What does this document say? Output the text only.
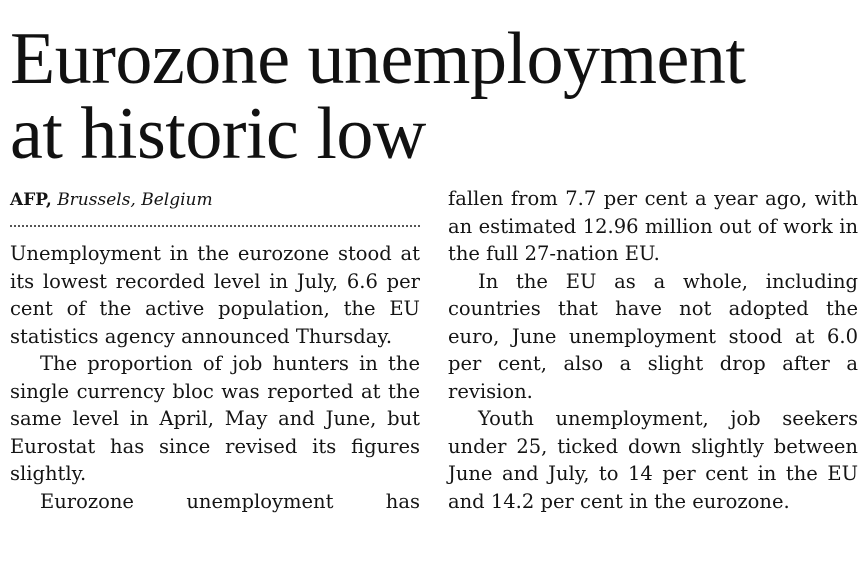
Eurozone unemployment
at historic low
AFP, Brussels, Belgium

Unemployment in the eurozone stood at its lowest recorded level in July, 6.6 per cent of the active population, the EU statistics agency announced Thursday.

The proportion of job hunters in the single currency bloc was reported at the same level in April, May and June, but Eurostat has since revised its figures slightly.

Eurozone unemployment has

fallen from 7.7 per cent a year ago, with an estimated 12.96 million out of work in the full 27-nation EU.

In the EU as a whole, including countries that have not adopted the euro, June unemployment stood at 6.0 per cent, also a slight drop after a revision.

Youth unemployment, job seekers under 25, ticked down slightly between June and July, to 14 per cent in the EU and 14.2 per cent in the eurozone.
